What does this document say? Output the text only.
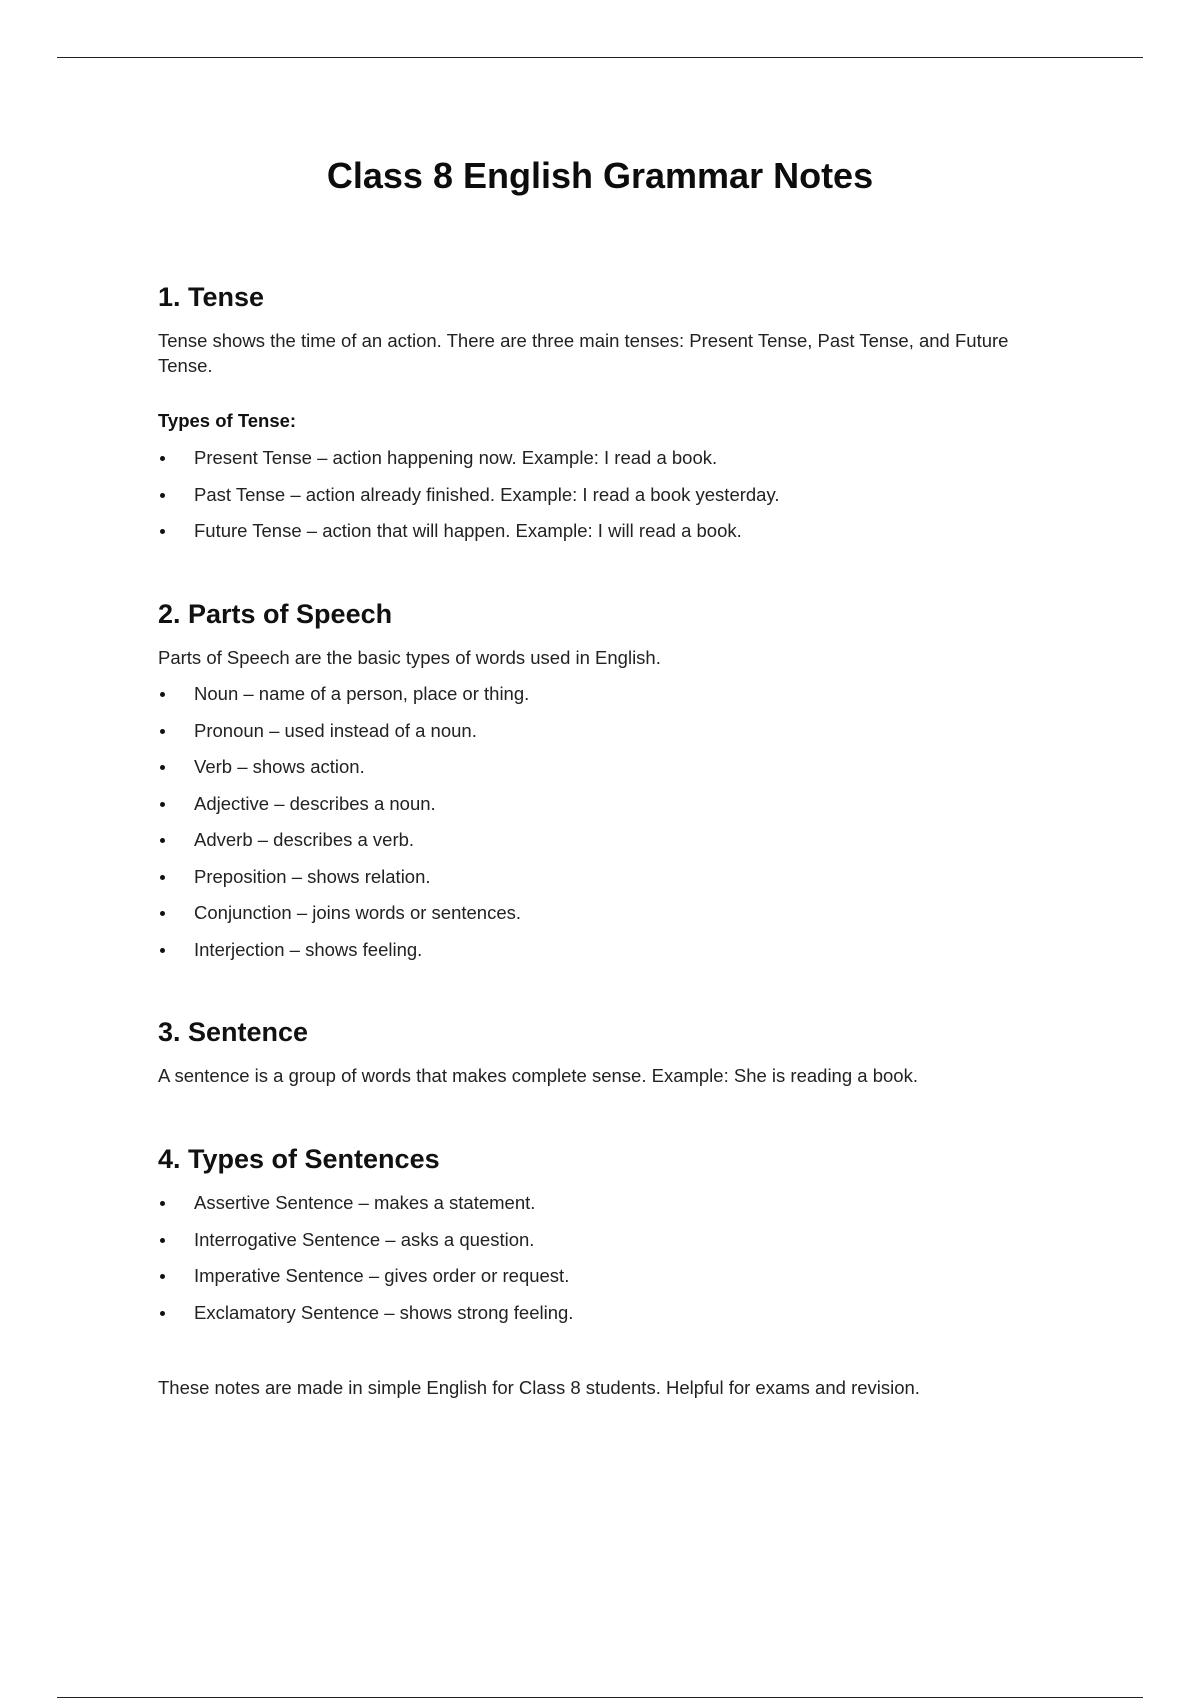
Class 8 English Grammar Notes
1. Tense

Tense shows the time of an action. There are three main tenses: Present Tense, Past Tense, and Future Tense.

Types of Tense:

Present Tense – action happening now. Example: I read a book.
Past Tense – action already finished. Example: I read a book yesterday.
Future Tense – action that will happen. Example: I will read a book.
2. Parts of Speech

Parts of Speech are the basic types of words used in English.

Noun – name of a person, place or thing.
Pronoun – used instead of a noun.
Verb – shows action.
Adjective – describes a noun.
Adverb – describes a verb.
Preposition – shows relation.
Conjunction – joins words or sentences.
Interjection – shows feeling.
3. Sentence

A sentence is a group of words that makes complete sense. Example: She is reading a book.

4. Types of Sentences
Assertive Sentence – makes a statement.
Interrogative Sentence – asks a question.
Imperative Sentence – gives order or request.
Exclamatory Sentence – shows strong feeling.

These notes are made in simple English for Class 8 students. Helpful for exams and revision.
